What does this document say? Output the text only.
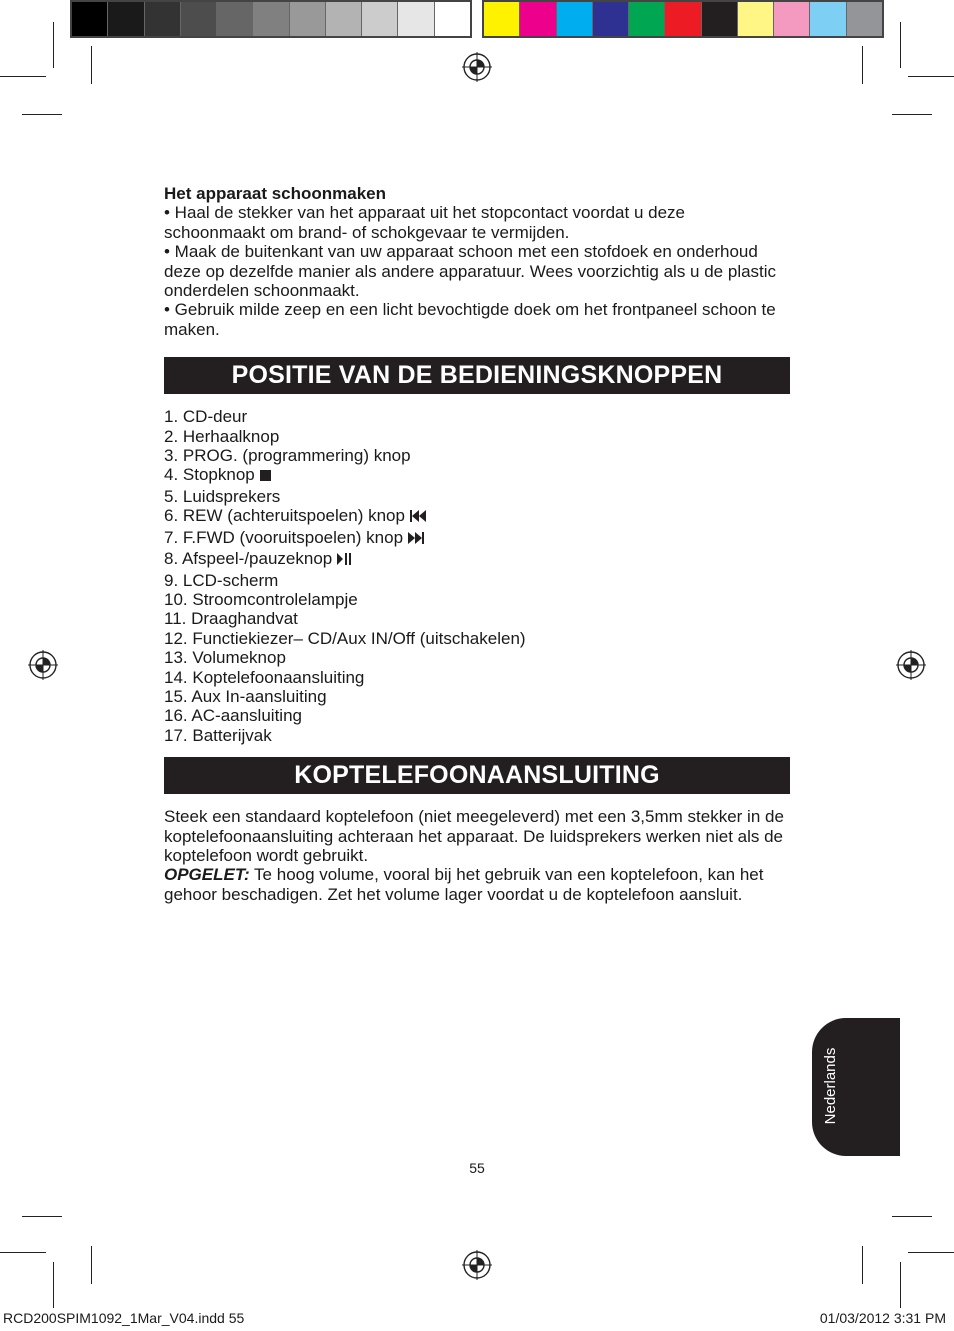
Het apparaat schoonmaken

• Haal de stekker van het apparaat uit het stopcontact voordat u deze schoonmaakt om brand- of schokgevaar te vermijden.

• Maak de buitenkant van uw apparaat schoon met een stofdoek en onderhoud deze op dezelfde manier als andere apparatuur. Wees voorzichtig als u de plastic onderdelen schoonmaakt.

• Gebruik milde zeep en een licht bevochtigde doek om het frontpaneel schoon te maken.

POSITIE VAN DE BEDIENINGSKNOPPEN
1. CD-deur
2. Herhaalknop
3. PROG. (programmering) knop
4. Stopknop
5. Luidsprekers
6. REW (achteruitspoelen) knop
7. F.FWD (vooruitspoelen) knop
8. Afspeel-/pauzeknop
9. LCD-scherm
10. Stroomcontrolelampje
11. Draaghandvat
12. Functiekiezer– CD/Aux IN/Off (uitschakelen)
13. Volumeknop
14. Koptelefoonaansluiting
15. Aux In-aansluiting
16. AC-aansluiting
17. Batterijvak
KOPTELEFOONAANSLUITING

Steek een standaard koptelefoon (niet meegeleverd) met een 3,5mm stekker in de koptelefoonaansluiting achteraan het apparaat. De luidsprekers werken niet als de koptelefoon wordt gebruikt.

OPGELET: Te hoog volume, vooral bij het gebruik van een koptelefoon, kan het gehoor beschadigen. Zet het volume lager voordat u de koptelefoon aansluit.

Nederlands
55
RCD200SPIM1092_1Mar_V04.indd 55	01/03/2012 3:31 PM
